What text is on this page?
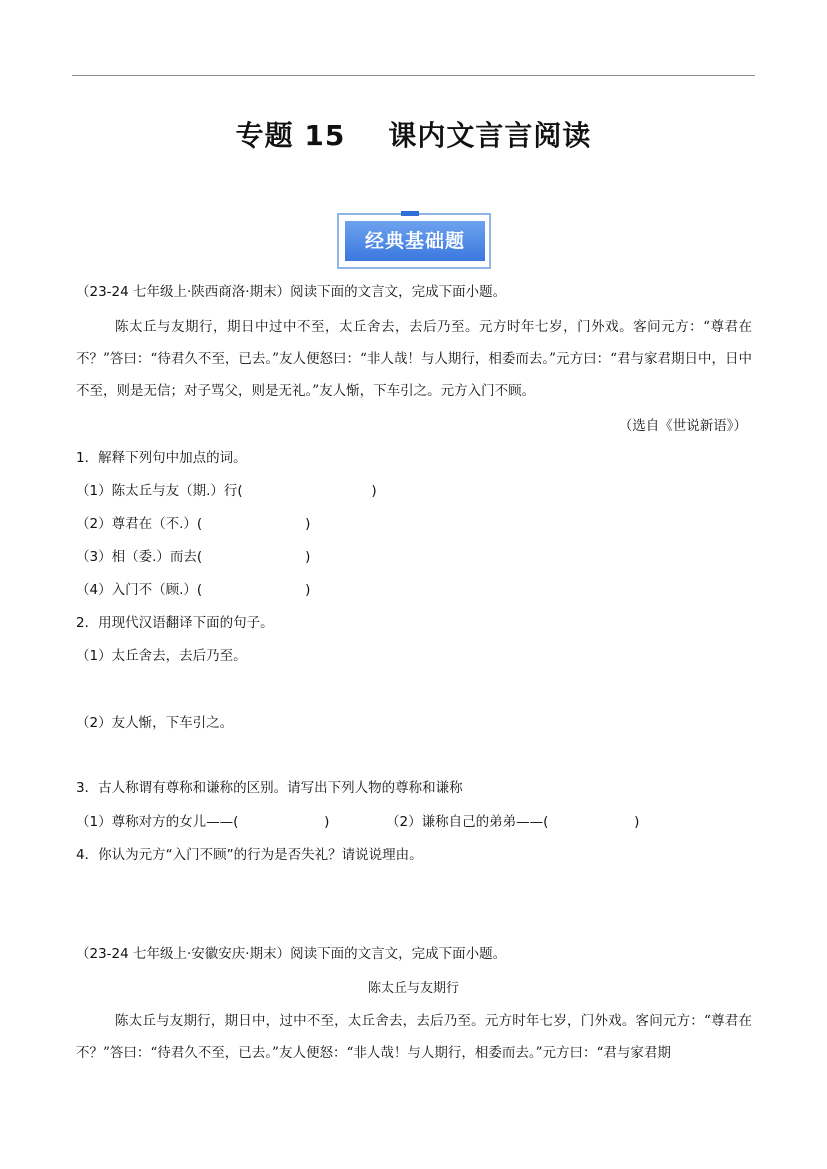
专题 15    课内文言言阅读
经典基础题
（23-24 七年级上·陕西商洛·期末）阅读下面的文言文，完成下面小题。
陈太丘与友期行，期日中过中不至，太丘舍去，去后乃至。元方时年七岁，门外戏。客问元方：“尊君在不？”答曰：“待君久不至，已去。”友人便怒曰：“非人哉！与人期行，相委而去。”元方曰：“君与家君期日中，日中不至，则是无信；对子骂父，则是无礼。”友人惭，下车引之。元方入门不顾。
（选自《世说新语》）
1．解释下列句中加点的词。
（1）陈太丘与友（期.）行(                              )
（2）尊君在（不.）(                        )
（3）相（委.）而去(                        )
（4）入门不（顾.）(                        )
2．用现代汉语翻译下面的句子。
（1）太丘舍去，去后乃至。
（2）友人惭，下车引之。
3．古人称谓有尊称和谦称的区别。请写出下列人物的尊称和谦称
（1）尊称对方的女儿——(                    )	（2）谦称自己的弟弟——(                    )
4．你认为元方“入门不顾”的行为是否失礼？请说说理由。
（23-24 七年级上·安徽安庆·期末）阅读下面的文言文，完成下面小题。
陈太丘与友期行
陈太丘与友期行，期日中，过中不至，太丘舍去，去后乃至。元方时年七岁，门外戏。客问元方：“尊君在不？”答曰：“待君久不至，已去。”友人便怒：“非人哉！与人期行，相委而去。”元方曰：“君与家君期
